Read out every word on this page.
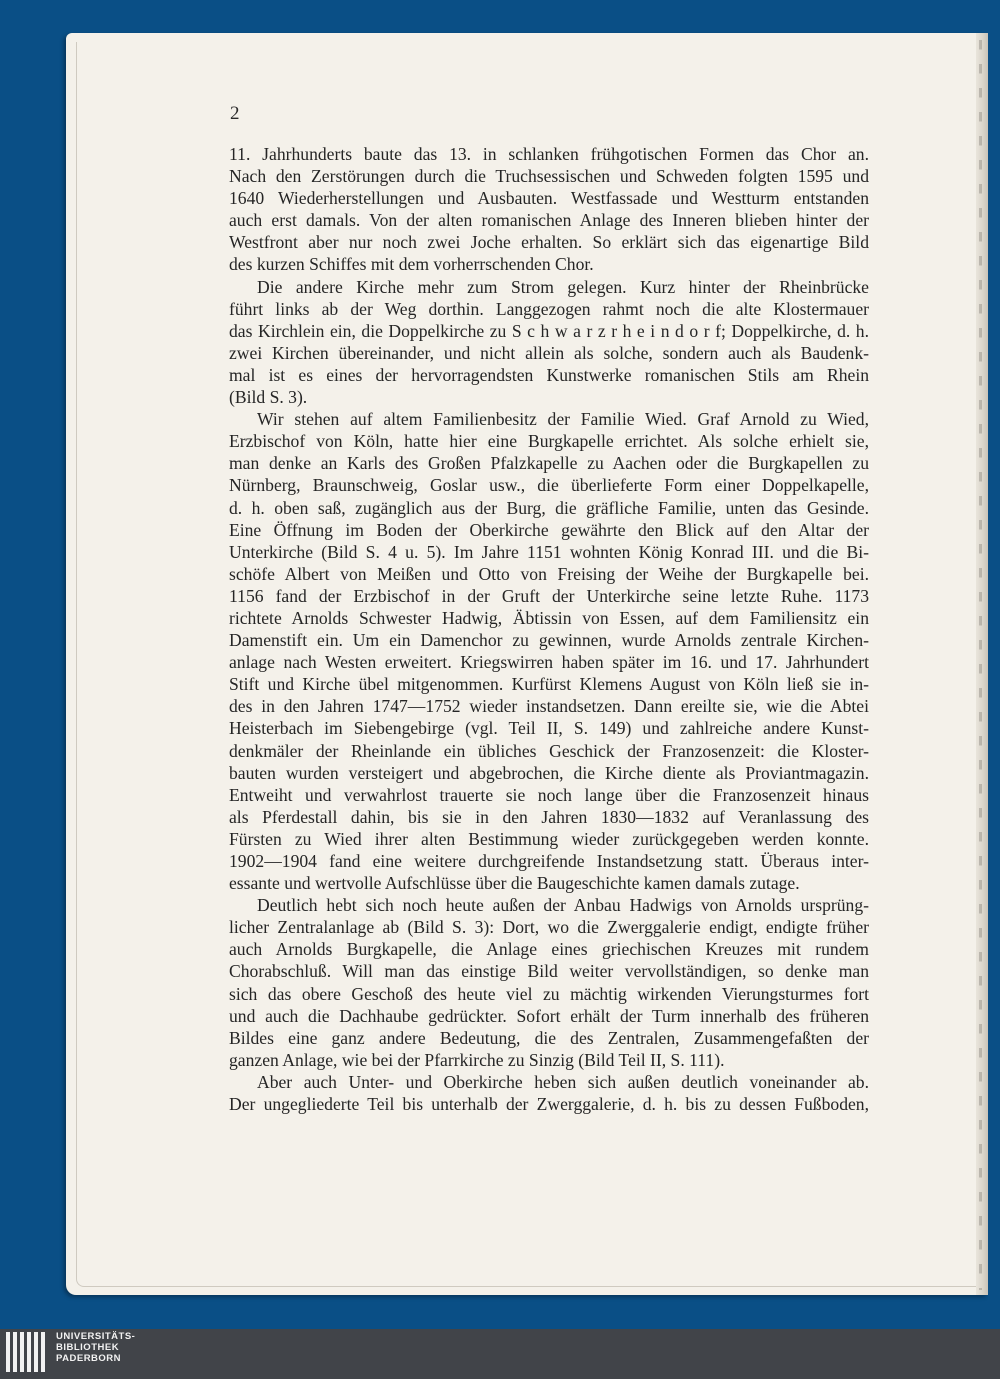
2
11. Jahrhunderts baute das 13. in schlanken frühgotischen Formen das Chor an.
Nach den Zerstörungen durch die Truchsessischen und Schweden folgten 1595 und
1640 Wiederherstellungen und Ausbauten. Westfassade und Westturm entstanden
auch erst damals. Von der alten romanischen Anlage des Inneren blieben hinter der
Westfront aber nur noch zwei Joche erhalten. So erklärt sich das eigenartige Bild
des kurzen Schiffes mit dem vorherrschenden Chor.
Die andere Kirche mehr zum Strom gelegen. Kurz hinter der Rheinbrücke
führt links ab der Weg dorthin. Langgezogen rahmt noch die alte Klostermauer
das Kirchlein ein, die Doppelkirche zu S c h w a r z r h e i n d o r f; Doppelkirche, d. h.
zwei Kirchen übereinander, und nicht allein als solche, sondern auch als Baudenk-
mal ist es eines der hervorragendsten Kunstwerke romanischen Stils am Rhein
(Bild S. 3).
Wir stehen auf altem Familienbesitz der Familie Wied. Graf Arnold zu Wied,
Erzbischof von Köln, hatte hier eine Burgkapelle errichtet. Als solche erhielt sie,
man denke an Karls des Großen Pfalzkapelle zu Aachen oder die Burgkapellen zu
Nürnberg, Braunschweig, Goslar usw., die überlieferte Form einer Doppelkapelle,
d. h. oben saß, zugänglich aus der Burg, die gräfliche Familie, unten das Gesinde.
Eine Öffnung im Boden der Oberkirche gewährte den Blick auf den Altar der
Unterkirche (Bild S. 4 u. 5). Im Jahre 1151 wohnten König Konrad III. und die Bi-
schöfe Albert von Meißen und Otto von Freising der Weihe der Burgkapelle bei.
1156 fand der Erzbischof in der Gruft der Unterkirche seine letzte Ruhe. 1173
richtete Arnolds Schwester Hadwig, Äbtissin von Essen, auf dem Familiensitz ein
Damenstift ein. Um ein Damenchor zu gewinnen, wurde Arnolds zentrale Kirchen-
anlage nach Westen erweitert. Kriegswirren haben später im 16. und 17. Jahrhundert
Stift und Kirche übel mitgenommen. Kurfürst Klemens August von Köln ließ sie in-
des in den Jahren 1747—1752 wieder instandsetzen. Dann ereilte sie, wie die Abtei
Heisterbach im Siebengebirge (vgl. Teil II, S. 149) und zahlreiche andere Kunst-
denkmäler der Rheinlande ein übliches Geschick der Franzosenzeit: die Kloster-
bauten wurden versteigert und abgebrochen, die Kirche diente als Proviantmagazin.
Entweiht und verwahrlost trauerte sie noch lange über die Franzosenzeit hinaus
als Pferdestall dahin, bis sie in den Jahren 1830—1832 auf Veranlassung des
Fürsten zu Wied ihrer alten Bestimmung wieder zurückgegeben werden konnte.
1902—1904 fand eine weitere durchgreifende Instandsetzung statt. Überaus inter-
essante und wertvolle Aufschlüsse über die Baugeschichte kamen damals zutage.
Deutlich hebt sich noch heute außen der Anbau Hadwigs von Arnolds ursprüng-
licher Zentralanlage ab (Bild S. 3): Dort, wo die Zwerggalerie endigt, endigte früher
auch Arnolds Burgkapelle, die Anlage eines griechischen Kreuzes mit rundem
Chorabschluß. Will man das einstige Bild weiter vervollständigen, so denke man
sich das obere Geschoß des heute viel zu mächtig wirkenden Vierungsturmes fort
und auch die Dachhaube gedrückter. Sofort erhält der Turm innerhalb des früheren
Bildes eine ganz andere Bedeutung, die des Zentralen, Zusammengefaßten der
ganzen Anlage, wie bei der Pfarrkirche zu Sinzig (Bild Teil II, S. 111).
Aber auch Unter- und Oberkirche heben sich außen deutlich voneinander ab.
Der ungegliederte Teil bis unterhalb der Zwerggalerie, d. h. bis zu dessen Fußboden,
UNIVERSITÄTS-
BIBLIOTHEK
PADERBORN
